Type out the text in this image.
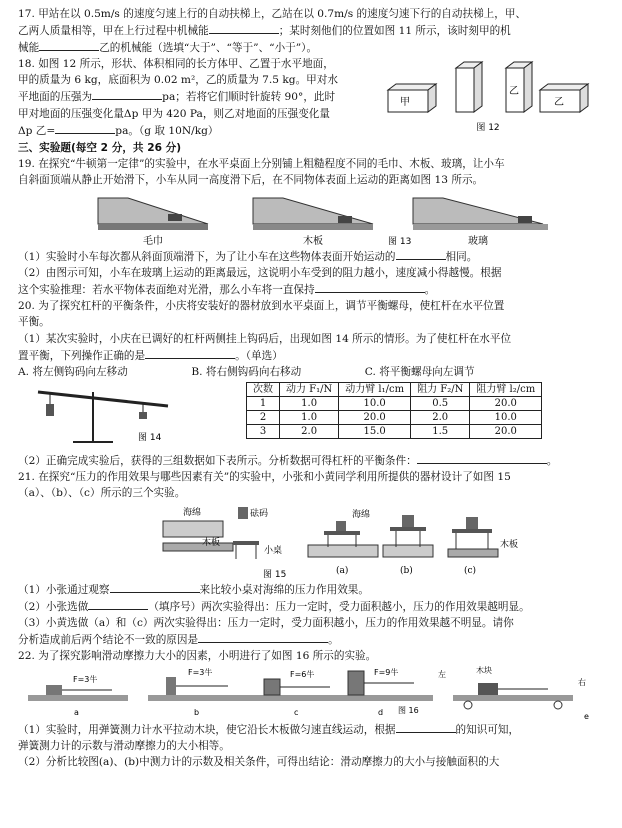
17. 甲站在以 0.5m/s 的速度匀速上行的自动扶梯上，乙站在以 0.7m/s 的速度匀速下行的自动扶梯上，甲、

乙两人质量相等，甲在上行过程中机械能	；某时刻他们的位置如图 11 所示，该时刻甲的机

械能	乙的机械能（选填“大于”、“等于”、“小于”）。

18. 如图 12 所示，形状、体积相同的长方体甲、乙置于水平地面，

甲的质量为 6 kg，底面积为 0.02 m²，乙的质量为 7.5 kg。甲对水

平地面的压强为	pa；若将它们顺时针旋转 90°，此时

甲对地面的压强变化量Δp 甲为 420 Pa，则乙对地面的压强变化量

Δp 乙=	pa。（g 取 10N/kg）

甲
乙
乙
图 12

三、实验题(每空 2 分，共 26 分)

19. 在探究“牛顿第一定律”的实验中，在水平桌面上分别铺上粗糙程度不同的毛巾、木板、玻璃，让小车

自斜面顶端从静止开始滑下，小车从同一高度滑下后，在不同物体表面上运动的距离如图 13 所示。

毛巾	木板	图 13	玻璃

（1）实验时小车每次都从斜面顶端滑下，为了让小车在这些物体表面开始运动的	相同。

（2）由图示可知，小车在玻璃上运动的距离最远，这说明小车受到的阻力越小，速度减小得越慢。根据

这个实验推理：若水平物体表面绝对光滑，那么小车将一直保持	。

20. 为了探究杠杆的平衡条件，小庆将安装好的器材放到水平桌面上，调节平衡螺母，使杠杆在水平位置

平衡。

（1）某次实验时，小庆在已调好的杠杆两侧挂上钩码后，出现如图 14 所示的情形。为了使杠杆在水平位

置平衡，下列操作正确的是	。（单选）

A. 将左侧钩码向左移动	B. 将右侧钩码向右移动	C. 将平衡螺母向左调节

图 14
次数	动力 F₁/N	动力臂 l₁/cm	阻力 F₂/N	阻力臂 l₂/cm
1	1.0	10.0	0.5	20.0
2	1.0	20.0	2.0	10.0
3	2.0	15.0	1.5	20.0

（2）正确完成实验后，获得的三组数据如下表所示。分析数据可得杠杆的平衡条件：	。

21. 在探究“压力的作用效果与哪些因素有关”的实验中，小张和小黄同学利用所提供的器材设计了如图 15

（a）、（b）、（c）所示的三个实验。

海绵
木板
砝码
小桌
(a)
海绵
(b)
木板
(c)
图 15

（1）小张通过观察	来比较小桌对海绵的压力作用效果。

（2）小张选做	（填序号）两次实验得出：压力一定时，受力面积越小，压力的作用效果越明显。

（3）小黄选做（a）和（c）两次实验得出：压力一定时，受力面积越小，压力的作用效果越不明显。请你

分析造成前后两个结论不一致的原因是	。

22. 为了探究影响滑动摩擦力大小的因素，小明进行了如图 16 所示的实验。

F=3牛
a
F=3牛
b
F=6牛
c
F=9牛
d 图 16
左	木块
右
e

（1）实验时，用弹簧测力计水平拉动木块，使它沿长木板做匀速直线运动，根据	的知识可知，

弹簧测力计的示数与滑动摩擦力的大小相等。

（2）分析比较图(a)、(b)中测力计的示数及相关条件，可得出结论：滑动摩擦力的大小与接触面积的大
